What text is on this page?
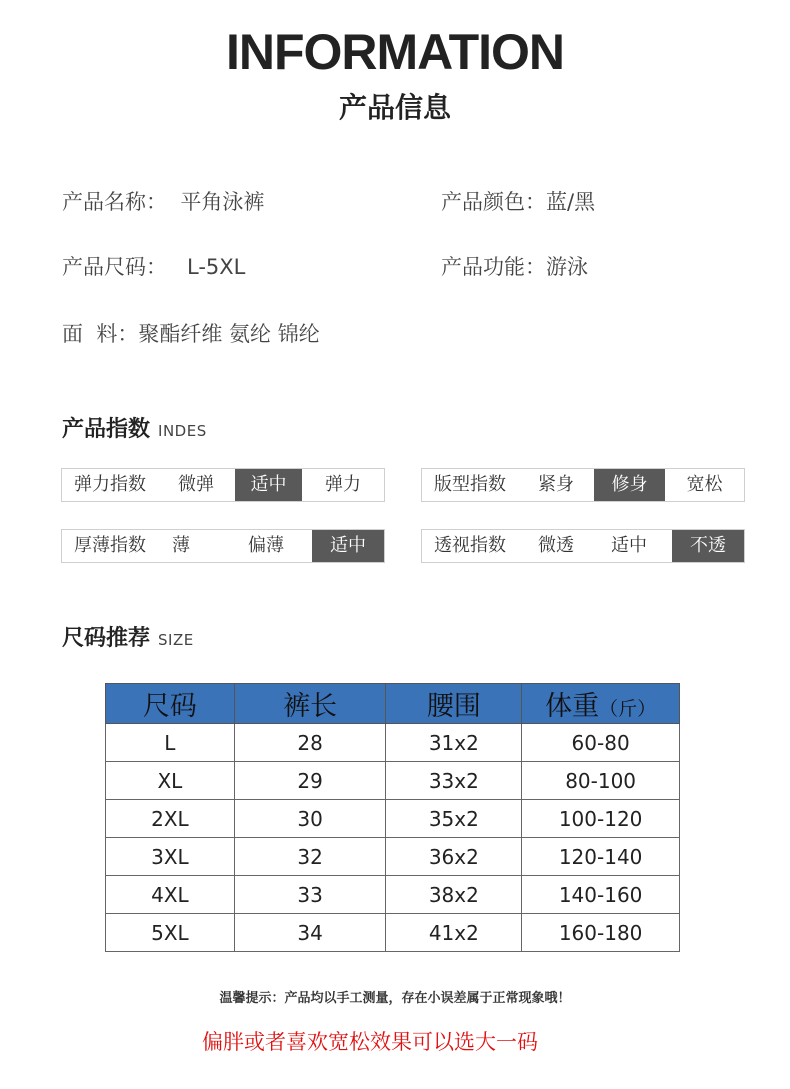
INFORMATION
产品信息
产品名称：  平角泳裤	产品颜色：蓝/黑
产品尺码：   L-5XL	产品功能：游泳
面  料：聚酯纤维 氨纶 锦纶
产品指数 INDES
弹力指数	微弹	适中	弹力	版型指数	紧身	修身	宽松
厚薄指数	薄	偏薄	适中	透视指数	微透	适中	不透
尺码推荐 SIZE
尺码	裤长	腰围	体重（斤）
L	28	31x2	60-80
XL	29	33x2	80-100
2XL	30	35x2	100-120
3XL	32	36x2	120-140
4XL	33	38x2	140-160
5XL	34	41x2	160-180
温馨提示：产品均以手工测量，存在小误差属于正常现象哦！
偏胖或者喜欢宽松效果可以选大一码
